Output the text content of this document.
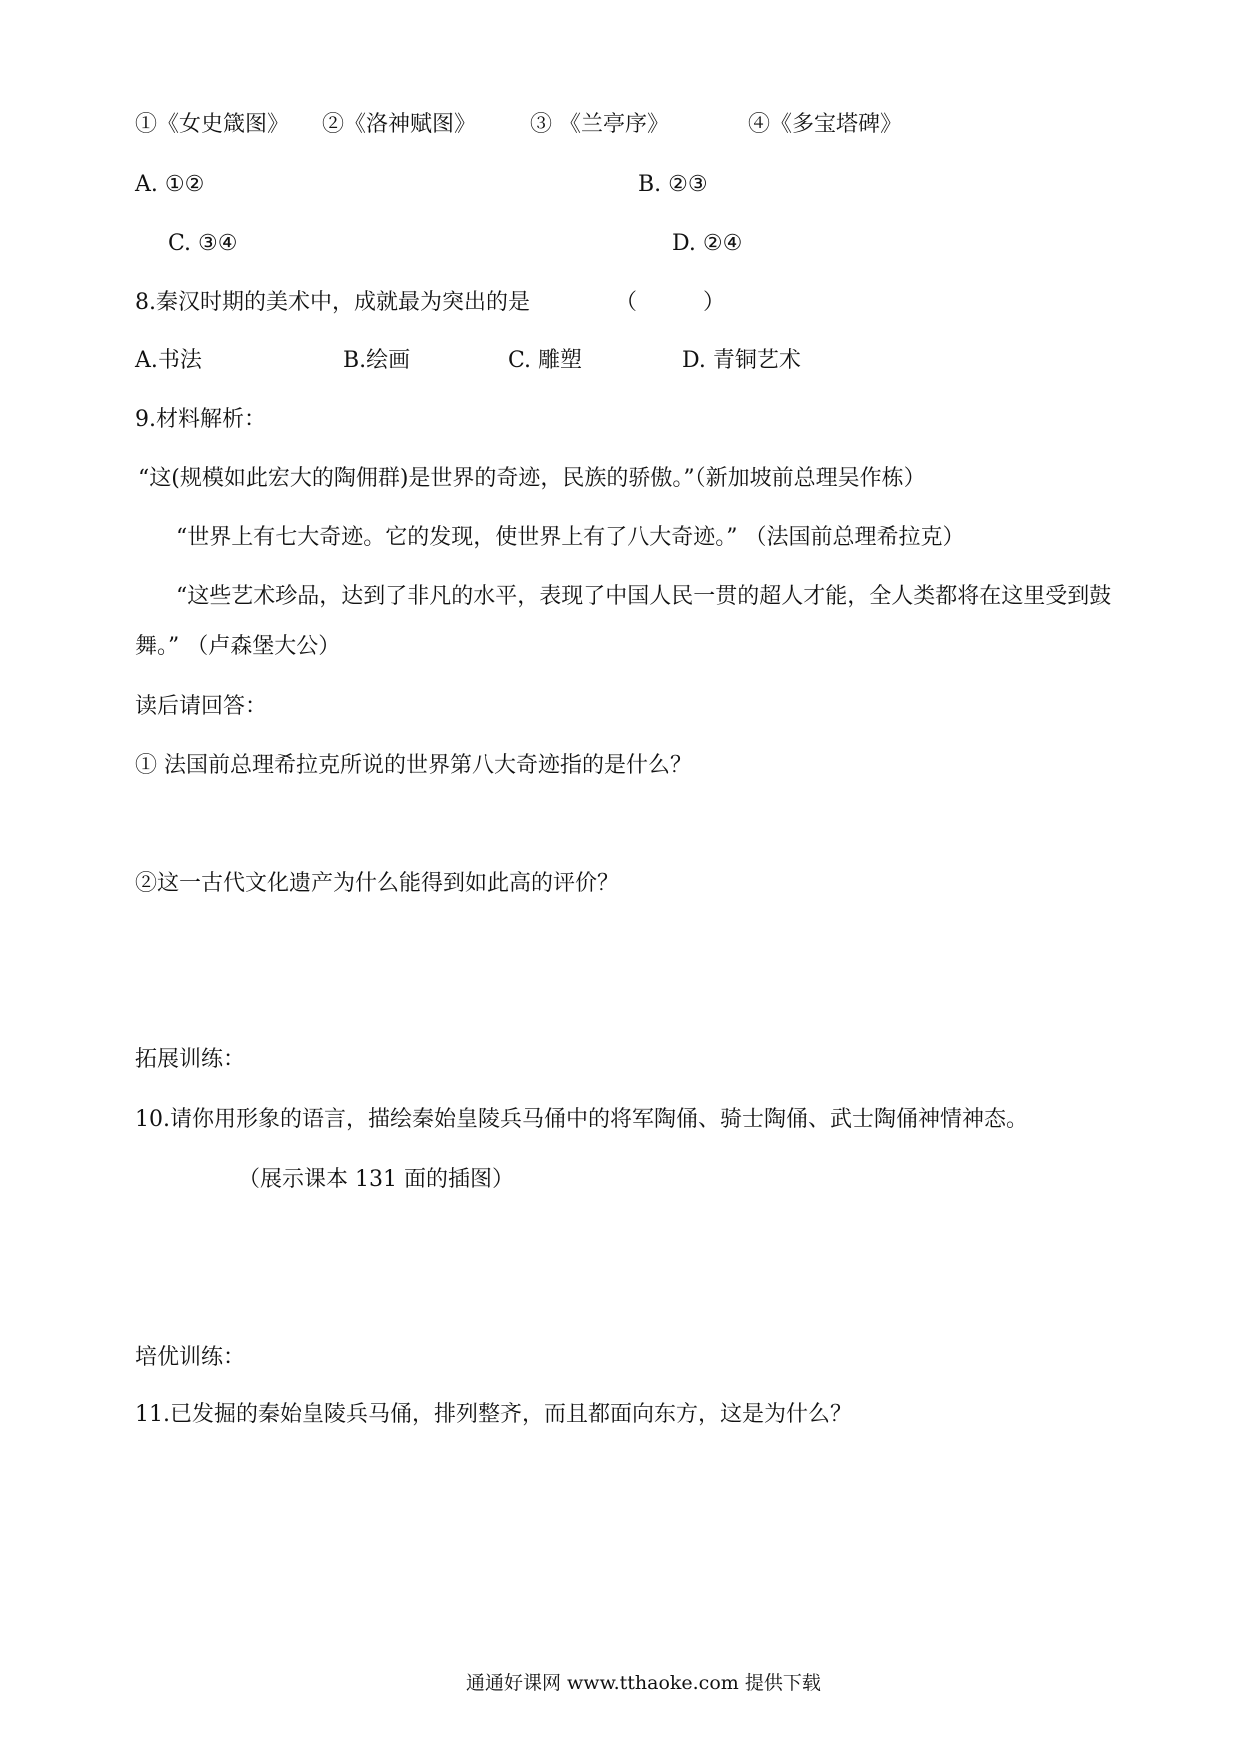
①《女史箴图》 ②《洛神赋图》 ③ 《兰亭序》	④《多宝塔碑》
A. ①②	B. ②③
C. ③④	D. ②④
8.秦汉时期的美术中，成就最为突出的是	（　　　）
A.书法	B.绘画	C. 雕塑	D. 青铜艺术
9.材料解析：
“这(规模如此宏大的陶佣群)是世界的奇迹，民族的骄傲。”（新加坡前总理吴作栋）
“世界上有七大奇迹。它的发现，使世界上有了八大奇迹。” （法国前总理希拉克）
“这些艺术珍品，达到了非凡的水平，表现了中国人民一贯的超人才能，全人类都将在这里受到鼓
舞。” （卢森堡大公）
读后请回答：
① 法国前总理希拉克所说的世界第八大奇迹指的是什么？
②这一古代文化遗产为什么能得到如此高的评价？
拓展训练：
10.请你用形象的语言，描绘秦始皇陵兵马俑中的将军陶俑、骑士陶俑、武士陶俑神情神态。
（展示课本 131 面的插图）
培优训练：
11.已发掘的秦始皇陵兵马俑，排列整齐，而且都面向东方，这是为什么？
通通好课网 www.tthaoke.com 提供下载
